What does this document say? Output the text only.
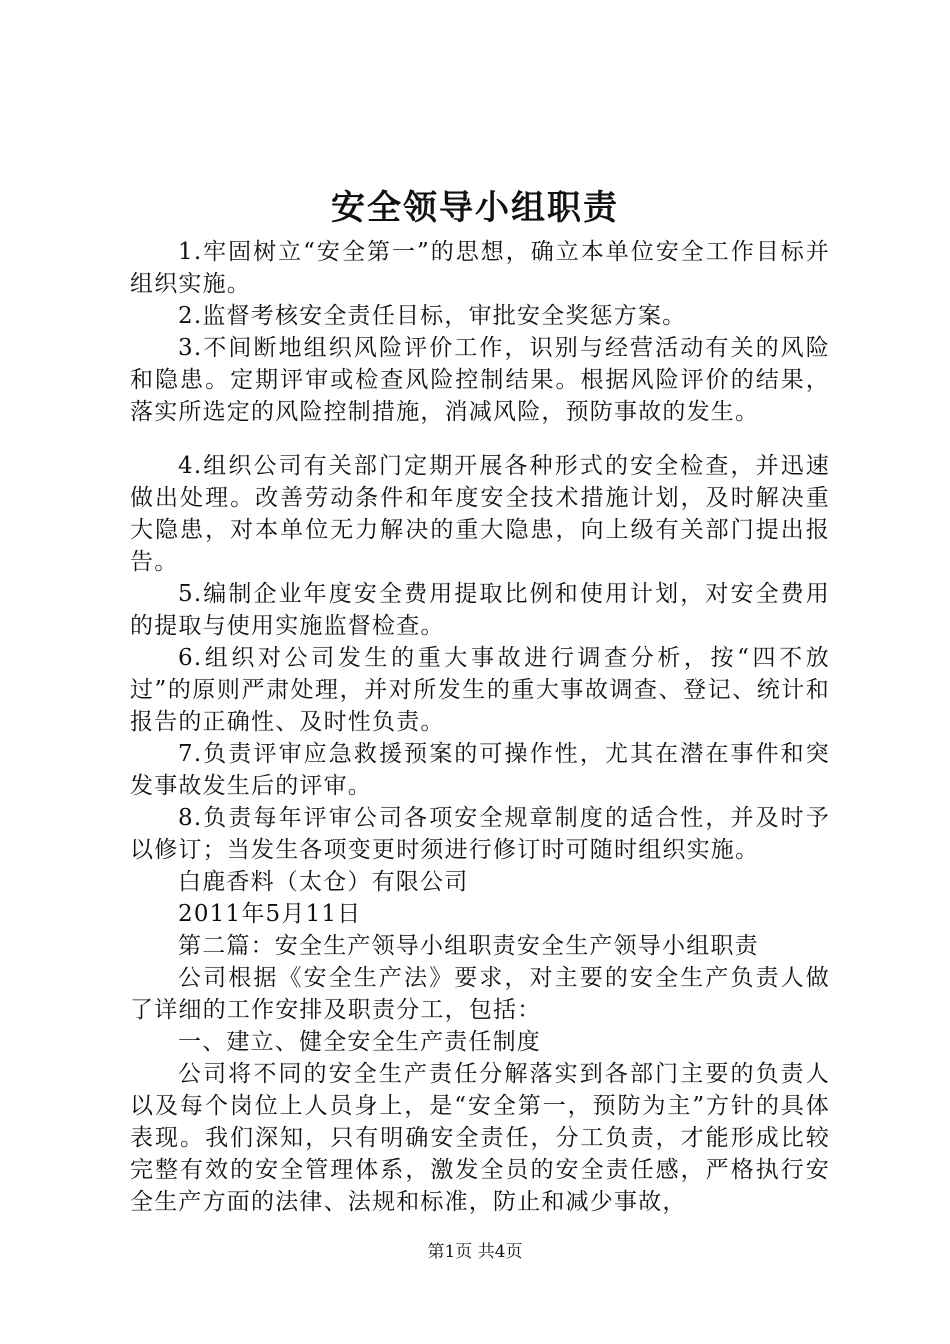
安全领导小组职责

1.牢固树立“安全第一”的思想，确立本单位安全工作目标并组织实施。

2.监督考核安全责任目标，审批安全奖惩方案。

3.不间断地组织风险评价工作，识别与经营活动有关的风险和隐患。定期评审或检查风险控制结果。根据风险评价的结果，落实所选定的风险控制措施，消减风险，预防事故的发生。

4.组织公司有关部门定期开展各种形式的安全检查，并迅速做出处理。改善劳动条件和年度安全技术措施计划，及时解决重大隐患，对本单位无力解决的重大隐患，向上级有关部门提出报告。

5.编制企业年度安全费用提取比例和使用计划，对安全费用的提取与使用实施监督检查。

6.组织对公司发生的重大事故进行调查分析，按“四不放过”的原则严肃处理，并对所发生的重大事故调查、登记、统计和报告的正确性、及时性负责。

7.负责评审应急救援预案的可操作性，尤其在潜在事件和突发事故发生后的评审。

8.负责每年评审公司各项安全规章制度的适合性，并及时予以修订；当发生各项变更时须进行修订时可随时组织实施。

白鹿香料（太仓）有限公司

2011年5月11日

第二篇：安全生产领导小组职责安全生产领导小组职责

公司根据《安全生产法》要求，对主要的安全生产负责人做了详细的工作安排及职责分工，包括：

一、建立、健全安全生产责任制度

公司将不同的安全生产责任分解落实到各部门主要的负责人以及每个岗位上人员身上，是“安全第一，预防为主”方针的具体表现。我们深知，只有明确安全责任，分工负责，才能形成比较完整有效的安全管理体系，激发全员的安全责任感，严格执行安全生产方面的法律、法规和标准，防止和减少事故，

第1页 共4页
